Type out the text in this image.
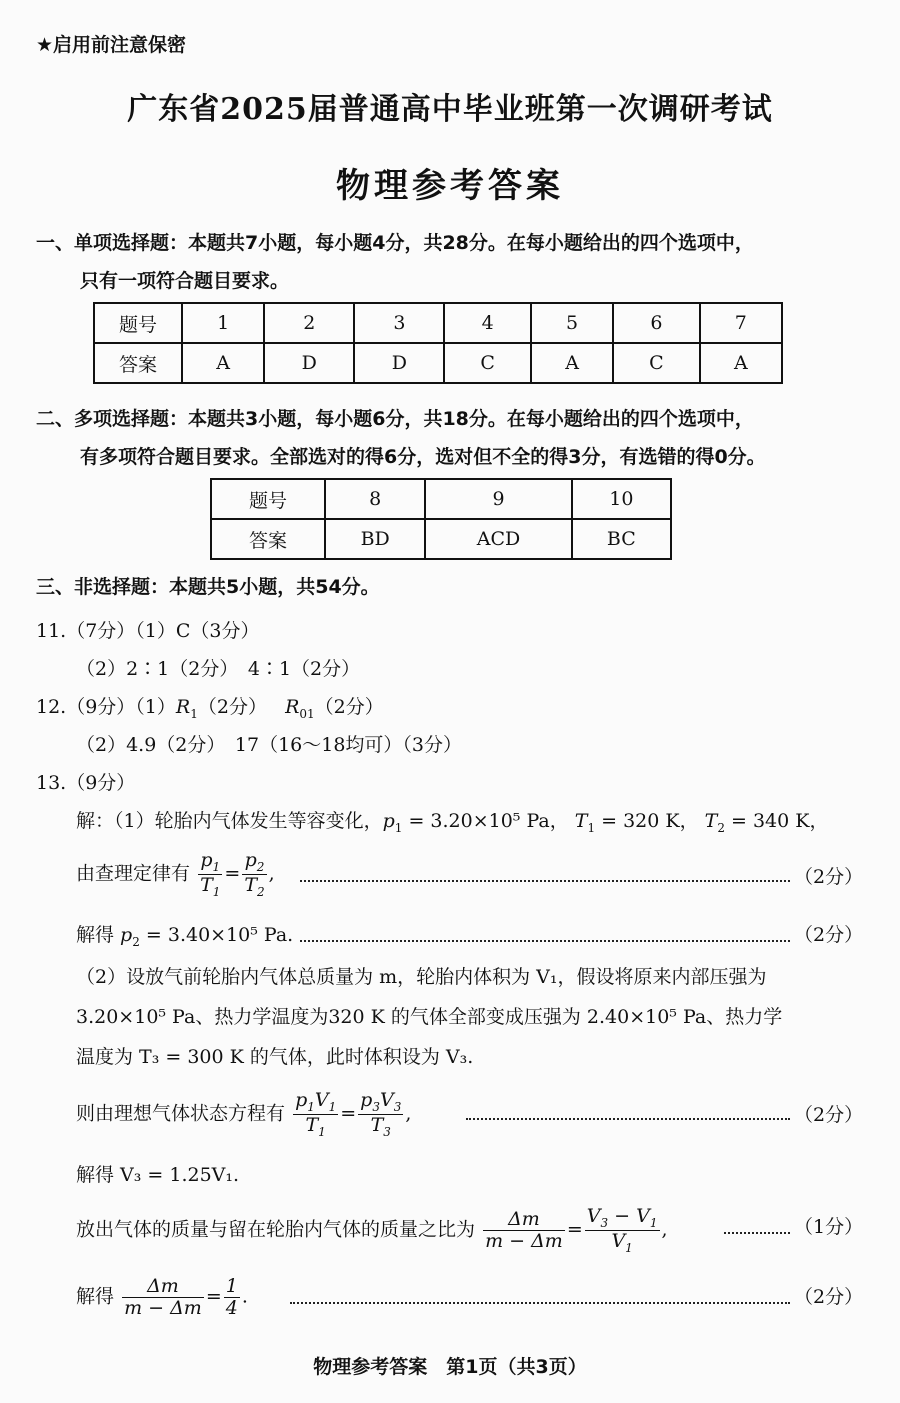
★启用前注意保密
广东省2025届普通高中毕业班第一次调研考试
物理参考答案
一、单项选择题：本题共7小题，每小题4分，共28分。在每小题给出的四个选项中，
只有一项符合题目要求。
题号	1	2	3	4	5	6	7
答案	A	D	D	C	A	C	A
二、多项选择题：本题共3小题，每小题6分，共18分。在每小题给出的四个选项中，
有多项符合题目要求。全部选对的得6分，选对但不全的得3分，有选错的得0分。
题号	8	9	10
答案	BD	ACD	BC
三、非选择题：本题共5小题，共54分。
11.（7分）（1）C（3分）
（2）2∶1（2分）　4∶1（2分）
12.（9分）$(1)R_1(2$分） $R_{01}(2$分）
（2）4.9（2分）　17（16～18均可）（3分）
13.（9分）
解：（1）轮胎内气体发生等容变化，$p_1 = 3.20\times 10^5$ Pa， $T_1 = 320$ K， $T_2 = 340$ K，
由查理定律有 $\frac{p_1}{T_1} = \frac{p_2}{T_2}$ ,	（2分）
解得 $p_2 = 3.40\times 10^5$ Pa.	（2分）
（2）设放气前轮胎内气体总质量为 m，轮胎内体积为 V₁，假设将原来内部压强为
3.20×10⁵ Pa、热力学温度为320 K 的气体全部变成压强为 2.40×10⁵ Pa、热力学
温度为 T₃ = 300 K 的气体，此时体积设为 V₃.
则由理想气体状态方程有 $\frac{p_1V_1}{T_1} = \frac{p_3V_3}{T_3}$ ,	（2分）
解得 V₃ = 1.25V₁.
放出气体的质量与留在轮胎内气体的质量之比为 $\frac{\Delta m}{m - \Delta m} = \frac{V_3 - V_1}{V_1}$ ,	（1分）
解得 $\frac{\Delta m}{m - \Delta m} = \frac{1}{4}$ .	（2分）
物理参考答案　第1页（共3页）
